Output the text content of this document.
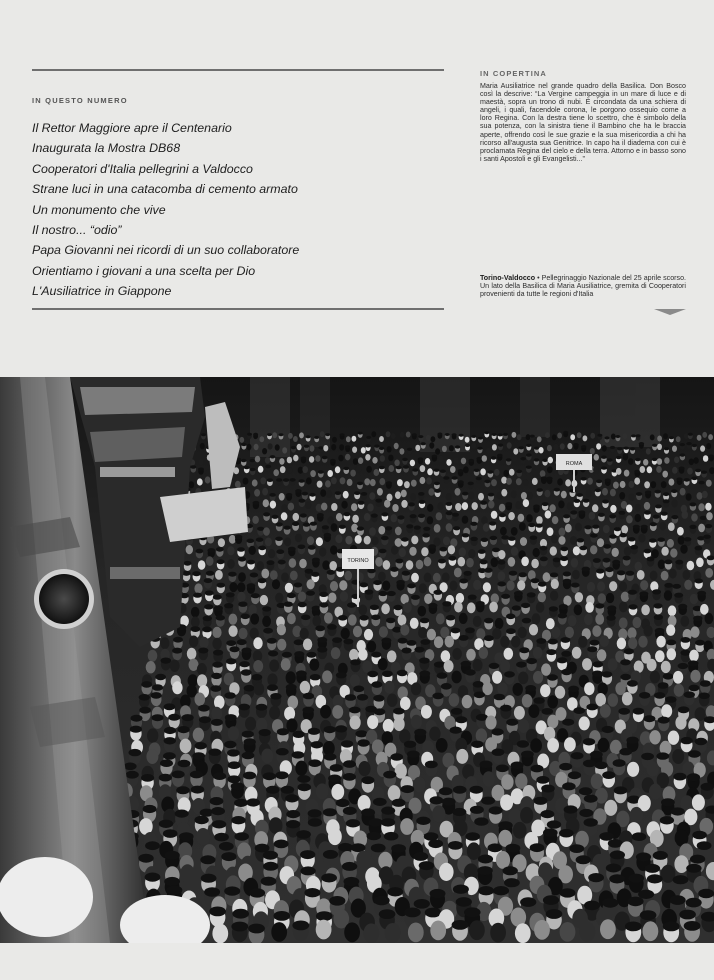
IN QUESTO NUMERO
Il Rettor Maggiore apre il Centenario
Inaugurata la Mostra DB68
Cooperatori d'Italia pellegrini a Valdocco
Strane luci in una catacomba di cemento armato
Un monumento che vive
Il nostro... “odio”
Papa Giovanni nei ricordi di un suo collaboratore
Orientiamo i giovani a una scelta per Dio
L'Ausiliatrice in Giappone
IN COPERTINA
Maria Ausiliatrice nel grande quadro della Basilica. Don Bosco così la descrive: “La Vergine campeggia in un mare di luce e di maestà, sopra un trono di nubi. È circondata da una schiera di angeli, i quali, facendole corona, le porgono ossequio come a loro Regina. Con la destra tiene lo scettro, che è simbolo della sua potenza, con la sinistra tiene il Bambino che ha le braccia aperte, offrendo così le sue grazie e la sua misericordia a chi ha ricorso all'augusta sua Genitrice. In capo ha il diadema con cui è proclamata Regina del cielo e della terra. Attorno e in basso sono i santi Apostoli e gli Evangelisti...”
Torino-Valdocco • Pellegrinaggio Nazionale del 25 aprile scorso. Un lato della Basilica di Maria Ausiliatrice, gremita di Cooperatori provenienti da tutte le regioni d'Italia
TORINO
ROMA
